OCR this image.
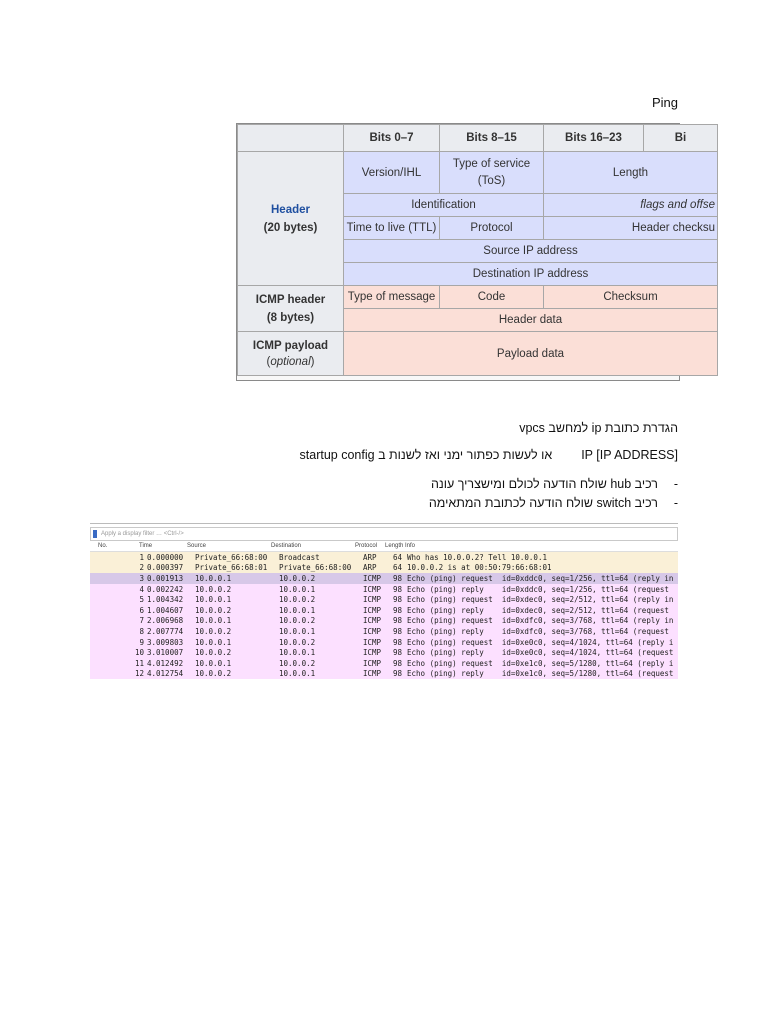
Ping
	Bits 0–7	Bits 8–15	Bits 16–23	Bi

Header
(20 bytes)	Version/IHL	Type of service (ToS)	Length	
	Identification		flags and offse	
	Time to live (TTL)	Protocol	Header checksu	
	Source IP address			
	Destination IP address			

ICMP header
(8 bytes)	Type of message	Code	Checksum	
	Header data			

ICMP payload
(optional)	Payload data			
הגדרת כתובת ip למחשב vpcs
IP [IP ADDRESS]  או לעשות כפתור ימני ואז לשנות ב startup config
-
רכיב hub שולח הודעה לכולם ומישצריך עונה
-
רכיב switch שולח הודעה לכתובת המתאימה
Apply a display filter … <Ctrl-/>
No.	Time	Source	Destination	Protocol	Length Info
1 0.000000	Private_66:68:00	Broadcast	ARP	64 Who has 10.0.0.2? Tell 10.0.0.1
2 0.000397	Private_66:68:01	Private_66:68:00	ARP	64 10.0.0.2 is at 00:50:79:66:68:01
3 0.001913	10.0.0.1	10.0.0.2	ICMP	98 Echo (ping) request  id=0xddc0, seq=1/256, ttl=64 (reply in
4 0.002242	10.0.0.2	10.0.0.1	ICMP	98 Echo (ping) reply    id=0xddc0, seq=1/256, ttl=64 (request
5 1.004342	10.0.0.1	10.0.0.2	ICMP	98 Echo (ping) request  id=0xdec0, seq=2/512, ttl=64 (reply in
6 1.004607	10.0.0.2	10.0.0.1	ICMP	98 Echo (ping) reply    id=0xdec0, seq=2/512, ttl=64 (request
7 2.006968	10.0.0.1	10.0.0.2	ICMP	98 Echo (ping) request  id=0xdfc0, seq=3/768, ttl=64 (reply in
8 2.007774	10.0.0.2	10.0.0.1	ICMP	98 Echo (ping) reply    id=0xdfc0, seq=3/768, ttl=64 (request
9 3.009803	10.0.0.1	10.0.0.2	ICMP	98 Echo (ping) request  id=0xe0c0, seq=4/1024, ttl=64 (reply i
10 3.010007	10.0.0.2	10.0.0.1	ICMP	98 Echo (ping) reply    id=0xe0c0, seq=4/1024, ttl=64 (request
11 4.012492	10.0.0.1	10.0.0.2	ICMP	98 Echo (ping) request  id=0xe1c0, seq=5/1280, ttl=64 (reply i
12 4.012754	10.0.0.2	10.0.0.1	ICMP	98 Echo (ping) reply    id=0xe1c0, seq=5/1280, ttl=64 (request
